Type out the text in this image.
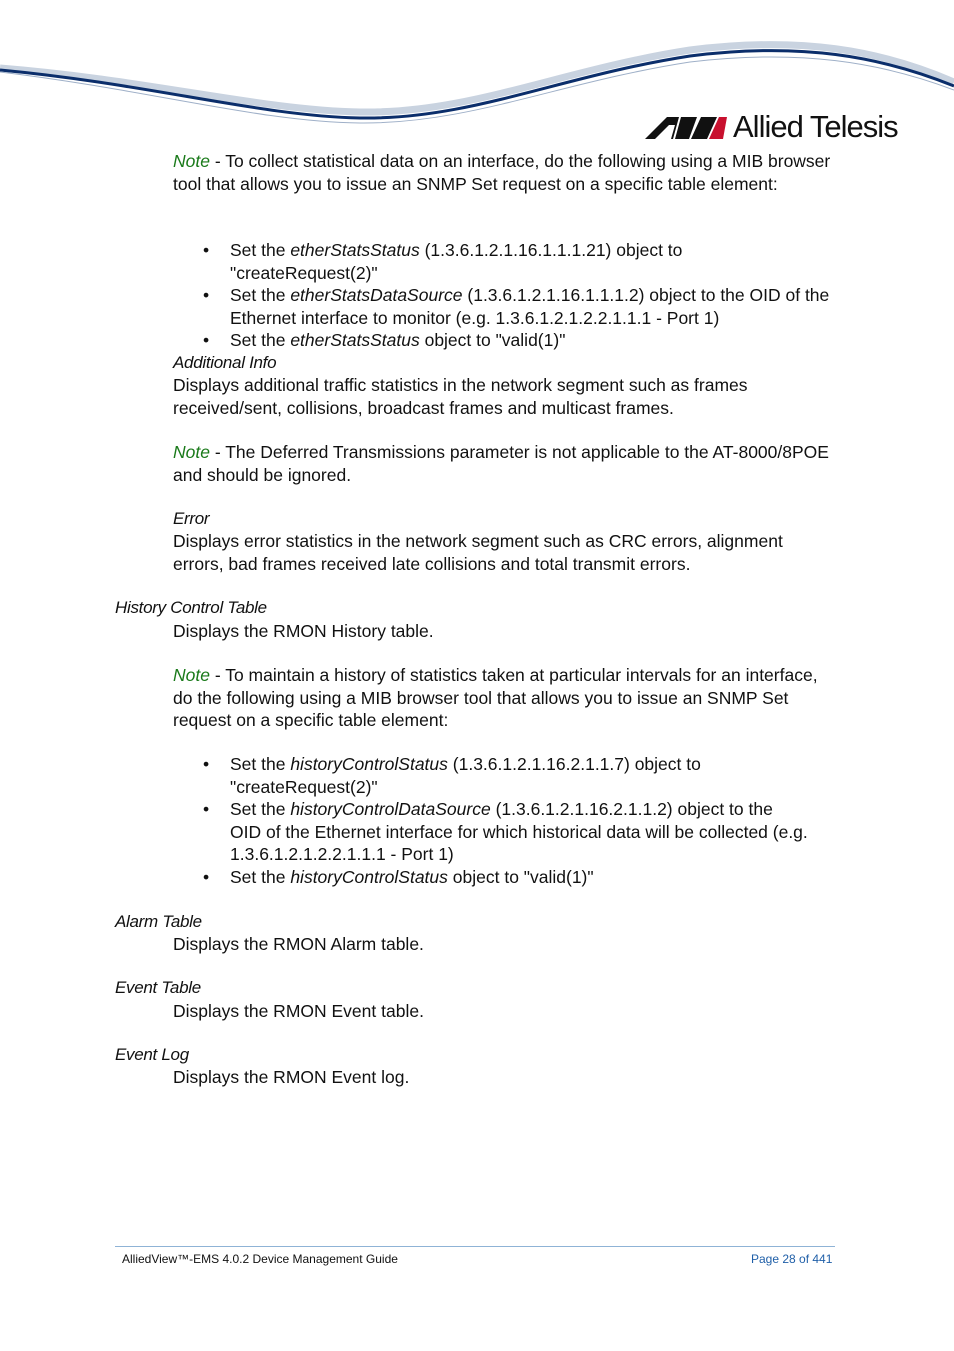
Allied Telesis
Note - To collect statistical data on an interface, do the following using a MIB browser tool that allows you to issue an SNMP Set request on a specific table element:
• Set the etherStatsStatus (1.3.6.1.2.1.16.1.1.1.21) object to "createRequest(2)"
• Set the etherStatsDataSource (1.3.6.1.2.1.16.1.1.1.2) object to the OID of the Ethernet interface to monitor (e.g. 1.3.6.1.2.1.2.2.1.1.1 - Port 1)
• Set the etherStatsStatus object to "valid(1)"
Additional Info
Displays additional traffic statistics in the network segment such as frames received/sent, collisions, broadcast frames and multicast frames.
Note - The Deferred Transmissions parameter is not applicable to the AT-8000/8POE and should be ignored.
Error
Displays error statistics in the network segment such as CRC errors, alignment errors, bad frames received late collisions and total transmit errors.
History Control Table
Displays the RMON History table.
Note - To maintain a history of statistics taken at particular intervals for an interface, do the following using a MIB browser tool that allows you to issue an SNMP Set request on a specific table element:
• Set the historyControlStatus (1.3.6.1.2.1.16.2.1.1.7) object to "createRequest(2)"
• Set the historyControlDataSource (1.3.6.1.2.1.16.2.1.1.2) object to the OID of the Ethernet interface for which historical data will be collected (e.g. 1.3.6.1.2.1.2.2.1.1.1 - Port 1)
• Set the historyControlStatus object to "valid(1)"
Alarm Table
Displays the RMON Alarm table.
Event Table
Displays the RMON Event table.
Event Log
Displays the RMON Event log.
AlliedView™-EMS 4.0.2 Device Management Guide	Page 28 of 441
